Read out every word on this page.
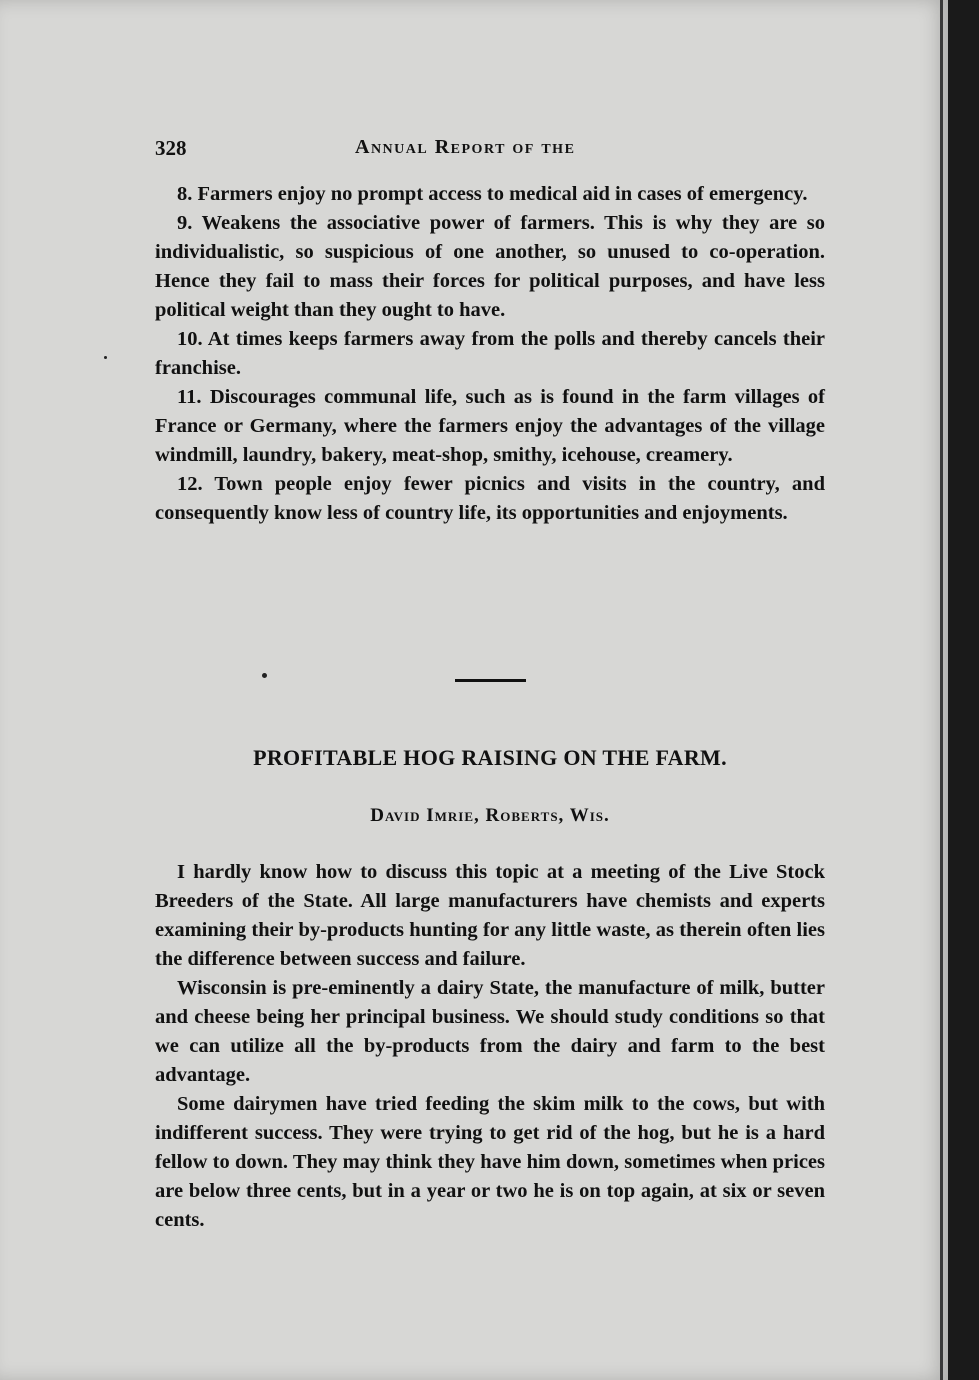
328	Annual Report of the

8. Farmers enjoy no prompt access to medical aid in cases of emergency.

9. Weakens the associative power of farmers. This is why they are so individualistic, so suspicious of one another, so unused to co-operation. Hence they fail to mass their forces for political purposes, and have less political weight than they ought to have.

10. At times keeps farmers away from the polls and thereby cancels their franchise.

11. Discourages communal life, such as is found in the farm villages of France or Germany, where the farmers enjoy the advantages of the village windmill, laundry, bakery, meat-shop, smithy, icehouse, creamery.

12. Town people enjoy fewer picnics and visits in the country, and consequently know less of country life, its opportunities and enjoyments.

PROFITABLE HOG RAISING ON THE FARM.
David Imrie, Roberts, Wis.

I hardly know how to discuss this topic at a meeting of the Live Stock Breeders of the State. All large manufacturers have chemists and experts examining their by-products hunting for any little waste, as therein often lies the difference between success and failure.

Wisconsin is pre-eminently a dairy State, the manufacture of milk, butter and cheese being her principal business. We should study conditions so that we can utilize all the by-products from the dairy and farm to the best advantage.

Some dairymen have tried feeding the skim milk to the cows, but with indifferent success. They were trying to get rid of the hog, but he is a hard fellow to down. They may think they have him down, sometimes when prices are below three cents, but in a year or two he is on top again, at six or seven cents.
